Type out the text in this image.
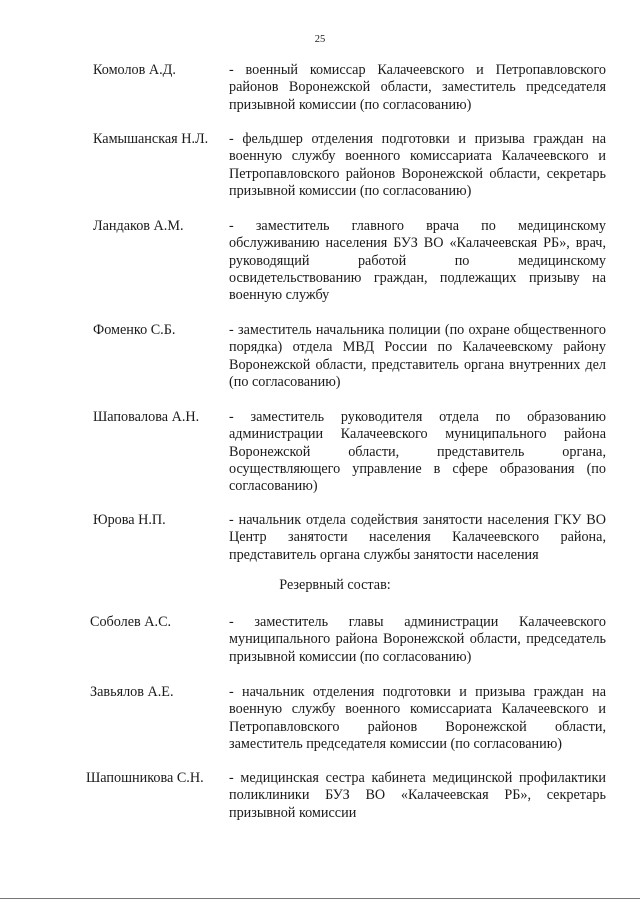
25
Комолов А.Д.	- военный комиссар Калачеевского и Петропавловского районов Воронежской области, заместитель председателя призывной комиссии (по согласованию)
Камышанская Н.Л. - фельдшер отделения подготовки и призыва граждан на военную службу военного комиссариата Калачеевского и Петропавловского районов Воронежской области, секретарь призывной комиссии (по согласованию)
Ландаков А.М.	- заместитель главного врача по медицинскому обслуживанию населения БУЗ ВО «Калачеевская РБ», врач, руководящий работой по медицинскому освидетельствованию граждан, подлежащих призыву на военную службу
Фоменко С.Б.	- заместитель начальника полиции (по охране общественного порядка) отдела МВД России по Калачеевскому району Воронежской области, представитель органа внутренних дел (по согласованию)
Шаповалова А.Н. - заместитель руководителя отдела по образованию администрации Калачеевского муниципального района Воронежской области, представитель органа, осуществляющего управление в сфере образования (по согласованию)
Юрова Н.П.	- начальник отдела содействия занятости населения ГКУ ВО Центр занятости населения Калачеевского района, представитель органа службы занятости населения
Резервный состав:
Соболев А.С.	- заместитель главы администрации Калачеевского муниципального района Воронежской области, председатель призывной комиссии (по согласованию)
Завьялов А.Е.	- начальник отделения подготовки и призыва граждан на военную службу военного комиссариата Калачеевского и Петропавловского районов Воронежской области, заместитель председателя комиссии (по согласованию)
Шапошникова С.Н. - медицинская сестра кабинета медицинской профилактики поликлиники БУЗ ВО «Калачеевская РБ», секретарь призывной комиссии
